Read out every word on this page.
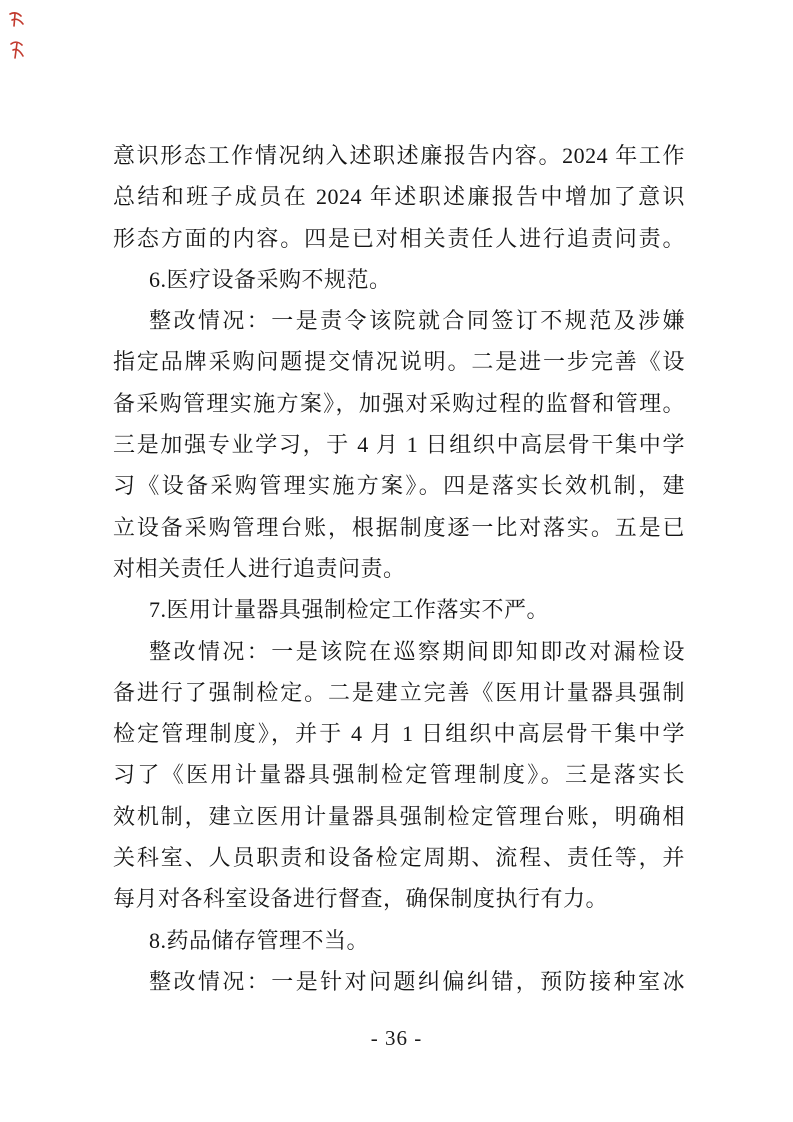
意识形态工作情况纳入述职述廉报告内容。2024 年工作
总结和班子成员在 2024 年述职述廉报告中增加了意识
形态方面的内容。四是已对相关责任人进行追责问责。
6.医疗设备采购不规范。
整改情况：一是责令该院就合同签订不规范及涉嫌
指定品牌采购问题提交情况说明。二是进一步完善《设
备采购管理实施方案》，加强对采购过程的监督和管理。
三是加强专业学习，于 4 月 1 日组织中高层骨干集中学
习《设备采购管理实施方案》。四是落实长效机制，建
立设备采购管理台账，根据制度逐一比对落实。五是已
对相关责任人进行追责问责。
7.医用计量器具强制检定工作落实不严。
整改情况：一是该院在巡察期间即知即改对漏检设
备进行了强制检定。二是建立完善《医用计量器具强制
检定管理制度》，并于 4 月 1 日组织中高层骨干集中学
习了《医用计量器具强制检定管理制度》。三是落实长
效机制，建立医用计量器具强制检定管理台账，明确相
关科室、人员职责和设备检定周期、流程、责任等，并
每月对各科室设备进行督查，确保制度执行有力。
8.药品储存管理不当。
整改情况：一是针对问题纠偏纠错，预防接种室冰
- 36 -
